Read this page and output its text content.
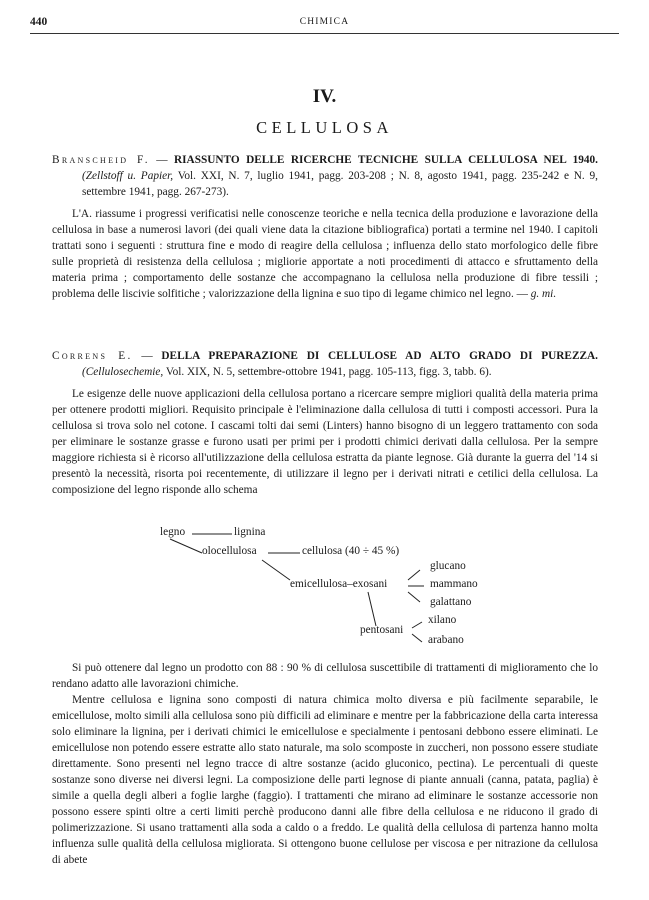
440	CHIMICA
IV.
CELLULOSA

Branscheid F. — RIASSUNTO DELLE RICERCHE TECNICHE SULLA CELLULOSA NEL 1940. (Zellstoff u. Papier, Vol. XXI, N. 7, luglio 1941, pagg. 203-208 ; N. 8, agosto 1941, pagg. 235-242 e N. 9, settembre 1941, pagg. 267-273).

L'A. riassume i progressi verificatisi nelle conoscenze teoriche e nella tecnica della produzione e lavorazione della cellulosa in base a numerosi lavori (dei quali viene data la citazione bibliografica) portati a termine nel 1940. I capitoli trattati sono i seguenti : struttura fine e modo di reagire della cellulosa ; influenza dello stato morfologico delle fibre sulle proprietà di resistenza della cellulosa ; migliorie apportate a noti procedimenti di attacco e sfruttamento della materia prima ; comportamento delle sostanze che accompagnano la cellulosa nella produzione di fibre tessili ; problema delle liscivie solfitiche ; valorizzazione della lignina e suo tipo di legame chimico nel legno. — g. mi.

Correns E. — DELLA PREPARAZIONE DI CELLULOSE AD ALTO GRADO DI PUREZZA. (Cellulosechemie, Vol. XIX, N. 5, settembre-ottobre 1941, pagg. 105-113, figg. 3, tabb. 6).

Le esigenze delle nuove applicazioni della cellulosa portano a ricercare sempre migliori qualità della materia prima per ottenere prodotti migliori. Requisito principale è l'eliminazione dalla cellulosa di tutti i composti accessori. Pura la cellulosa si trova solo nel cotone. I cascami tolti dai semi (Linters) hanno bisogno di un leggero trattamento con soda per eliminare le sostanze grasse e furono usati per primi per i prodotti chimici derivati dalla cellulosa. Per la sempre maggiore richiesta si è ricorso all'utilizzazione della cellulosa estratta da piante legnose. Già durante la guerra del '14 si presentò la necessità, risorta poi recentemente, di utilizzare il legno per i derivati nitrati e cetilici della cellulosa. La composizione del legno risponde allo schema

legno	lignina
olocellulosa	cellulosa (40 ÷ 45 %)
emicellulosa–exosani
glucano
mammano
galattano
pentosani
xilano
arabano

Si può ottenere dal legno un prodotto con 88 : 90 % di cellulosa suscettibile di trattamenti di miglioramento che lo rendano adatto alle lavorazioni chimiche.

Mentre cellulosa e lignina sono composti di natura chimica molto diversa e più facilmente separabile, le emicellulose, molto simili alla cellulosa sono più difficili ad eliminare e mentre per la fabbricazione della carta interessa solo eliminare la lignina, per i derivati chimici le emicellulose e specialmente i pentosani debbono essere eliminati. Le emicellulose non potendo essere estratte allo stato naturale, ma solo scomposte in zuccheri, non possono essere studiate direttamente. Sono presenti nel legno tracce di altre sostanze (acido gluconico, pectina). Le percentuali di queste sostanze sono diverse nei diversi legni. La composizione delle parti legnose di piante annuali (canna, patata, paglia) è simile a quella degli alberi a foglie larghe (faggio). I trattamenti che mirano ad eliminare le sostanze accessorie non possono essere spinti oltre a certi limiti perchè producono danni alle fibre della cellulosa e ne riducono il grado di polimerizzazione. Si usano trattamenti alla soda a caldo o a freddo. Le qualità della cellulosa di partenza hanno molta influenza sulle qualità della cellulosa migliorata. Si ottengono buone cellulose per viscosa e per nitrazione da cellulosa di abete
